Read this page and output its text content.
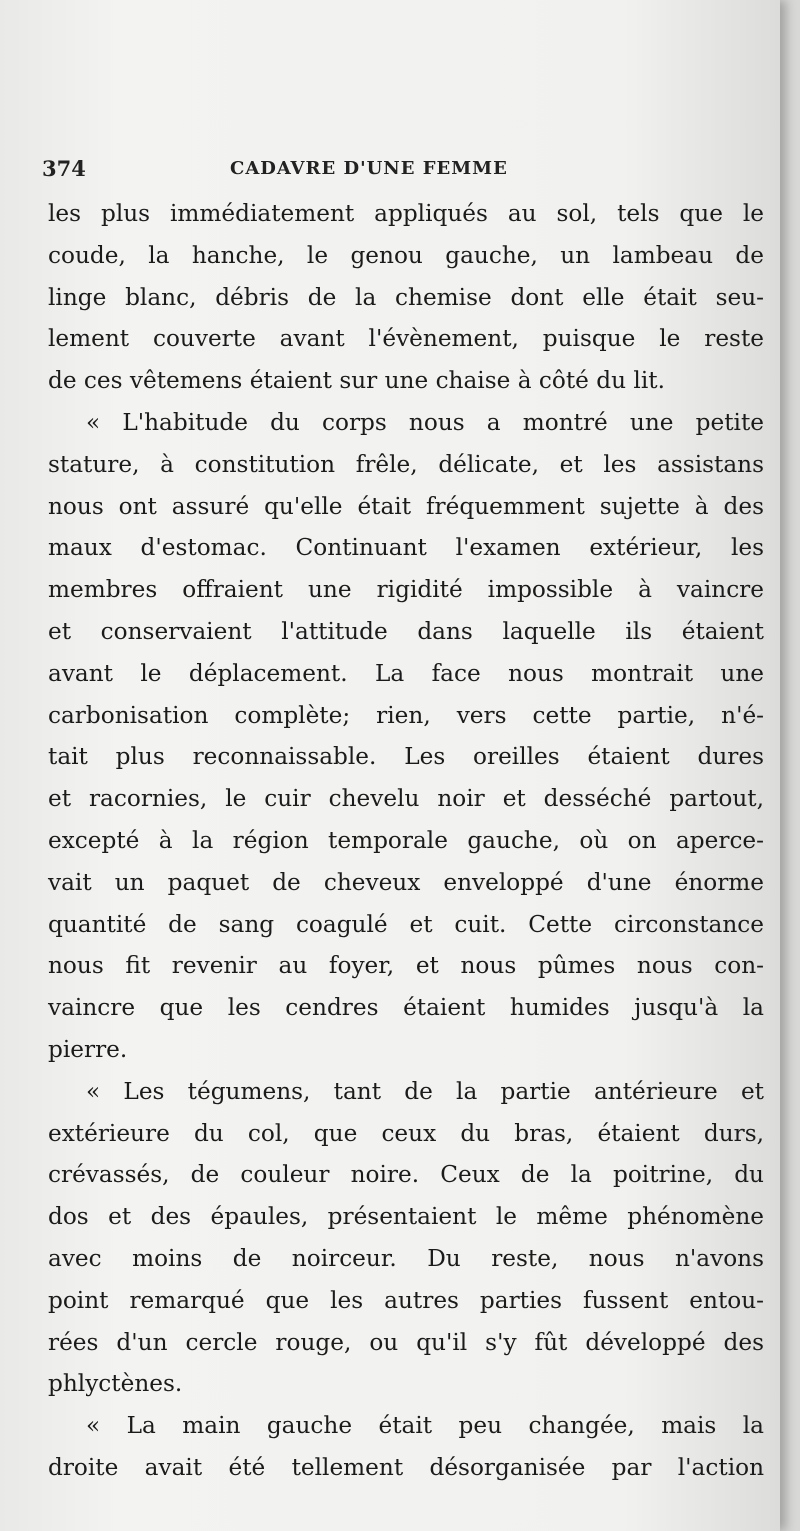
374	CADAVRE D'UNE FEMME
les plus immédiatement appliqués au sol, tels que le
coude, la hanche, le genou gauche, un lambeau de
linge blanc, débris de la chemise dont elle était seu-
lement couverte avant l'évènement, puisque le reste
de ces vêtemens étaient sur une chaise à côté du lit.
« L'habitude du corps nous a montré une petite
stature, à constitution frêle, délicate, et les assistans
nous ont assuré qu'elle était fréquemment sujette à des
maux d'estomac. Continuant l'examen extérieur, les
membres offraient une rigidité impossible à vaincre
et conservaient l'attitude dans laquelle ils étaient
avant le déplacement. La face nous montrait une
carbonisation complète; rien, vers cette partie, n'é-
tait plus reconnaissable. Les oreilles étaient dures
et racornies, le cuir chevelu noir et desséché partout,
excepté à la région temporale gauche, où on aperce-
vait un paquet de cheveux enveloppé d'une énorme
quantité de sang coagulé et cuit. Cette circonstance
nous fit revenir au foyer, et nous pûmes nous con-
vaincre que les cendres étaient humides jusqu'à la
pierre.
« Les tégumens, tant de la partie antérieure et
extérieure du col, que ceux du bras, étaient durs,
crévassés, de couleur noire. Ceux de la poitrine, du
dos et des épaules, présentaient le même phénomène
avec moins de noirceur. Du reste, nous n'avons
point remarqué que les autres parties fussent entou-
rées d'un cercle rouge, ou qu'il s'y fût développé des
phlyctènes.
« La main gauche était peu changée, mais la
droite avait été tellement désorganisée par l'action
